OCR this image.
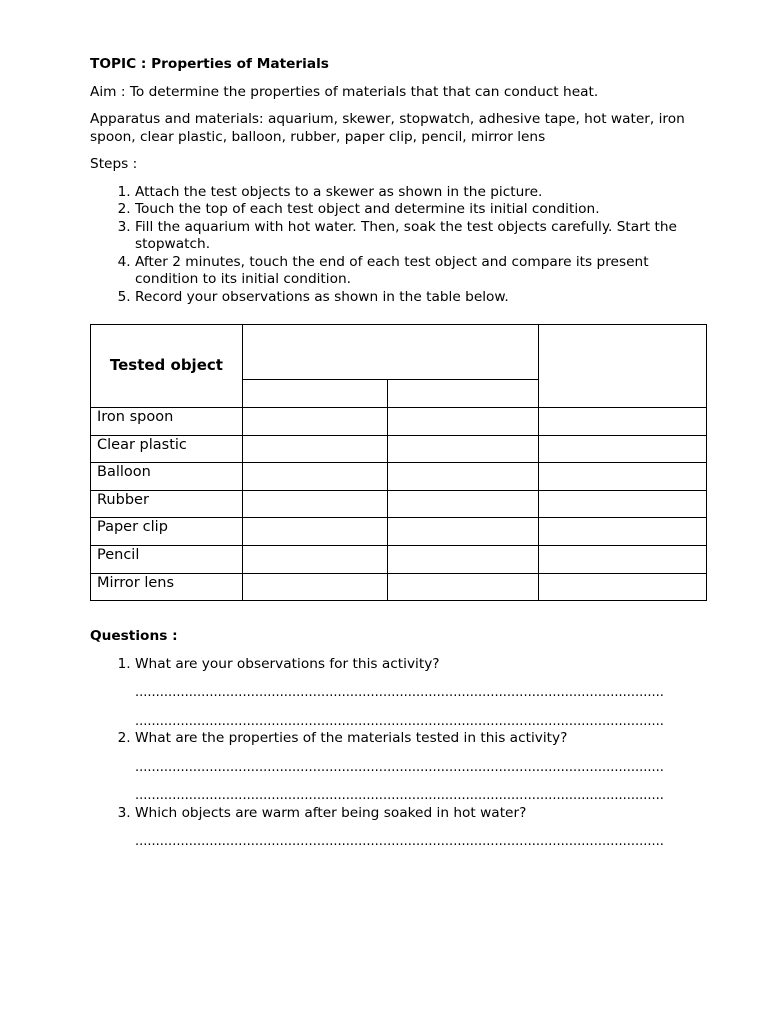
TOPIC : Properties of Materials
Aim : To determine the properties of materials that that can conduct heat.
Apparatus and materials: aquarium, skewer, stopwatch, adhesive tape, hot water, iron spoon, clear plastic, balloon, rubber, paper clip, pencil, mirror lens
Steps :
1. Attach the test objects to a skewer as shown in the picture.
2. Touch the top of each test object and determine its initial condition.
3. Fill the aquarium with hot water. Then, soak the test objects carefully. Start the stopwatch.
4. After 2 minutes, touch the end of each test object and compare its present condition to its initial condition.
5. Record your observations as shown in the table below.
Tested object			

Iron spoon			
Clear plastic			
Balloon			
Rubber			
Paper clip			
Pencil			
Mirror lens			
Questions :
1. What are your observations for this activity?
................................................................................................................................
................................................................................................................................
2. What are the properties of the materials tested in this activity?
................................................................................................................................
................................................................................................................................
3. Which objects are warm after being soaked in hot water?
................................................................................................................................
